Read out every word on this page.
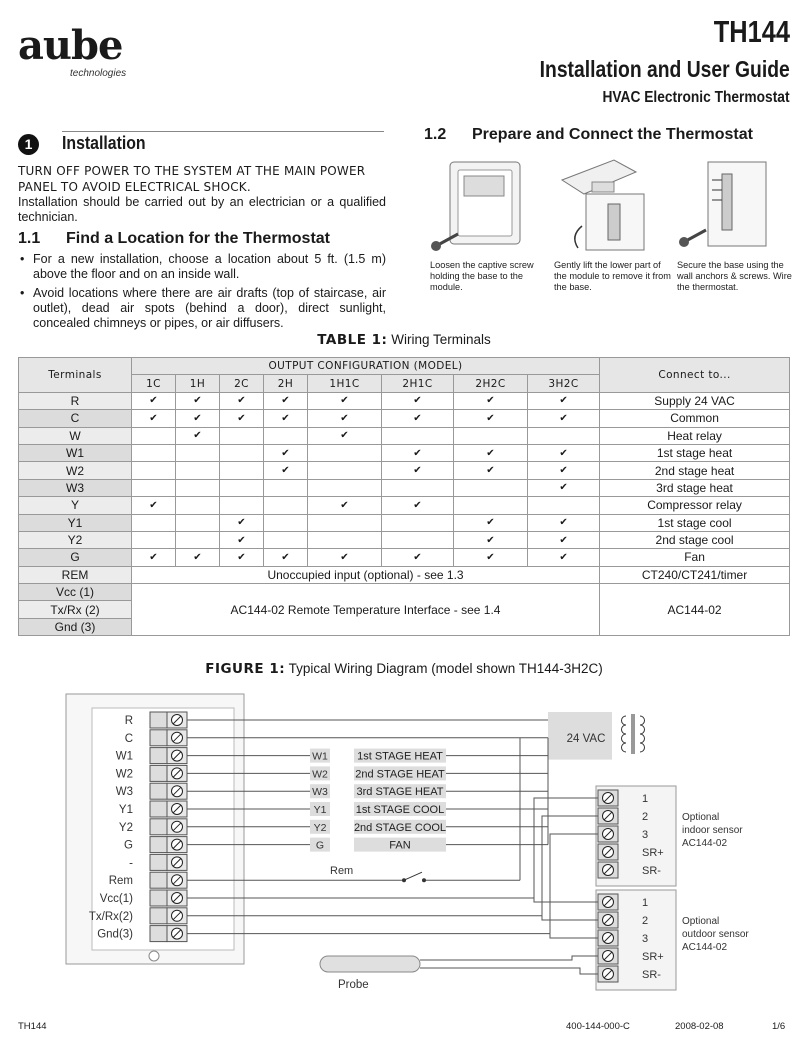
aube
technologies
TH144
Installation and User Guide
HVAC Electronic Thermostat
1	Installation
TURN OFF POWER TO THE SYSTEM AT THE MAIN POWER PANEL TO AVOID ELECTRICAL SHOCK.
Installation should be carried out by an electrician or a qualified technician.
1.1 Find a Location for the Thermostat
• For a new installation, choose a location about 5 ft. (1.5 m) above the floor and on an inside wall.
• Avoid locations where there are air drafts (top of staircase, air outlet), dead air spots (behind a door), direct sunlight, concealed chimneys or pipes, or air diffusers.
1.2 Prepare and Connect the Thermostat
Loosen the captive screw holding the base to the module.
Gently lift the lower part of the module to remove it from the base.
Secure the base using the wall anchors & screws. Wire the thermostat.
TABLE 1: Wiring Terminals
Terminals	OUTPUT CONFIGURATION (MODEL)								Connect to...
	1C	1H	2C	2H	1H1C	2H1C	2H2C	3H2C	
R	✔	✔	✔	✔	✔	✔	✔	✔	Supply 24 VAC
C	✔	✔	✔	✔	✔	✔	✔	✔	Common
W		✔			✔				Heat relay
W1				✔		✔	✔	✔	1st stage heat
W2				✔		✔	✔	✔	2nd stage heat
W3								✔	3rd stage heat
Y	✔				✔	✔			Compressor relay
Y1			✔				✔	✔	1st stage cool
Y2			✔				✔	✔	2nd stage cool
G	✔	✔	✔	✔	✔	✔	✔	✔	Fan
REM	Unoccupied input (optional) - see 1.3								CT240/CT241/timer
Vcc (1)	AC144-02 Remote Temperature Interface - see 1.4								AC144-02
Tx/Rx (2)									
Gnd (3)									
FIGURE 1: Typical Wiring Diagram (model shown TH144-3H2C)
R
C
W1
W2
W3
Y1
Y2
G
-
Rem
Vcc(1)
Tx/Rx(2)
Gnd(3)
24 VAC
W1	1st STAGE HEAT
W2 2nd STAGE HEAT
W3	3rd STAGE HEAT
Y1	1st STAGE COOL
Y2	2nd STAGE COOL
G	FAN
Rem
1
2
3
SR+
SR-
Optional
indoor sensor
AC144-02
1
2
3
SR+
SR-
Optional
outdoor sensor
AC144-02
Probe
TH144	400-144-000-C	2008-02-08	1/6
